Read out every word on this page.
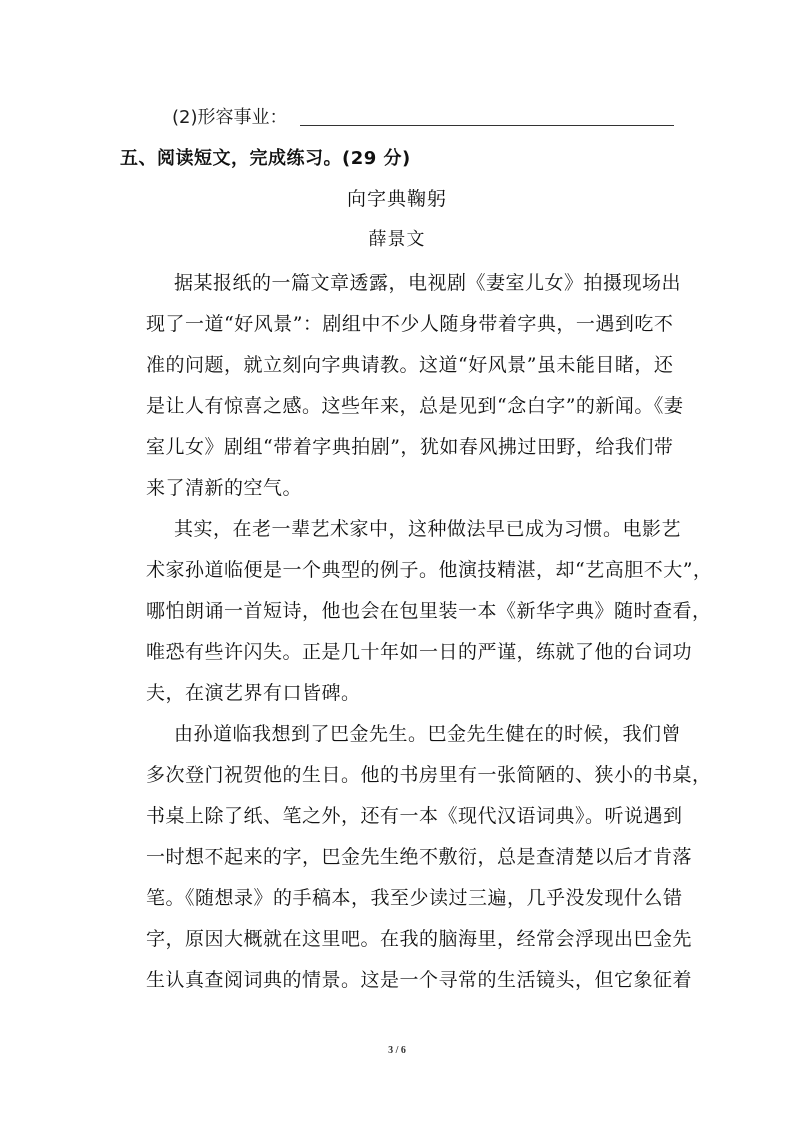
(2)形容事业：
五、阅读短文，完成练习。(29 分)
向字典鞠躬
薛景文
据某报纸的一篇文章透露，电视剧《妻室儿女》拍摄现场出
现了一道“好风景”：剧组中不少人随身带着字典，一遇到吃不
准的问题，就立刻向字典请教。这道“好风景”虽未能目睹，还
是让人有惊喜之感。这些年来，总是见到“念白字”的新闻。《妻
室儿女》剧组“带着字典拍剧”，犹如春风拂过田野，给我们带
来了清新的空气。
其实，在老一辈艺术家中，这种做法早已成为习惯。电影艺
术家孙道临便是一个典型的例子。他演技精湛，却“艺高胆不大”，
哪怕朗诵一首短诗，他也会在包里装一本《新华字典》随时查看，
唯恐有些许闪失。正是几十年如一日的严谨，练就了他的台词功
夫，在演艺界有口皆碑。
由孙道临我想到了巴金先生。巴金先生健在的时候，我们曾
多次登门祝贺他的生日。他的书房里有一张简陋的、狭小的书桌，
书桌上除了纸、笔之外，还有一本《现代汉语词典》。听说遇到
一时想不起来的字，巴金先生绝不敷衍，总是查清楚以后才肯落
笔。《随想录》的手稿本，我至少读过三遍，几乎没发现什么错
字，原因大概就在这里吧。在我的脑海里，经常会浮现出巴金先
生认真查阅词典的情景。这是一个寻常的生活镜头，但它象征着
3 / 6
